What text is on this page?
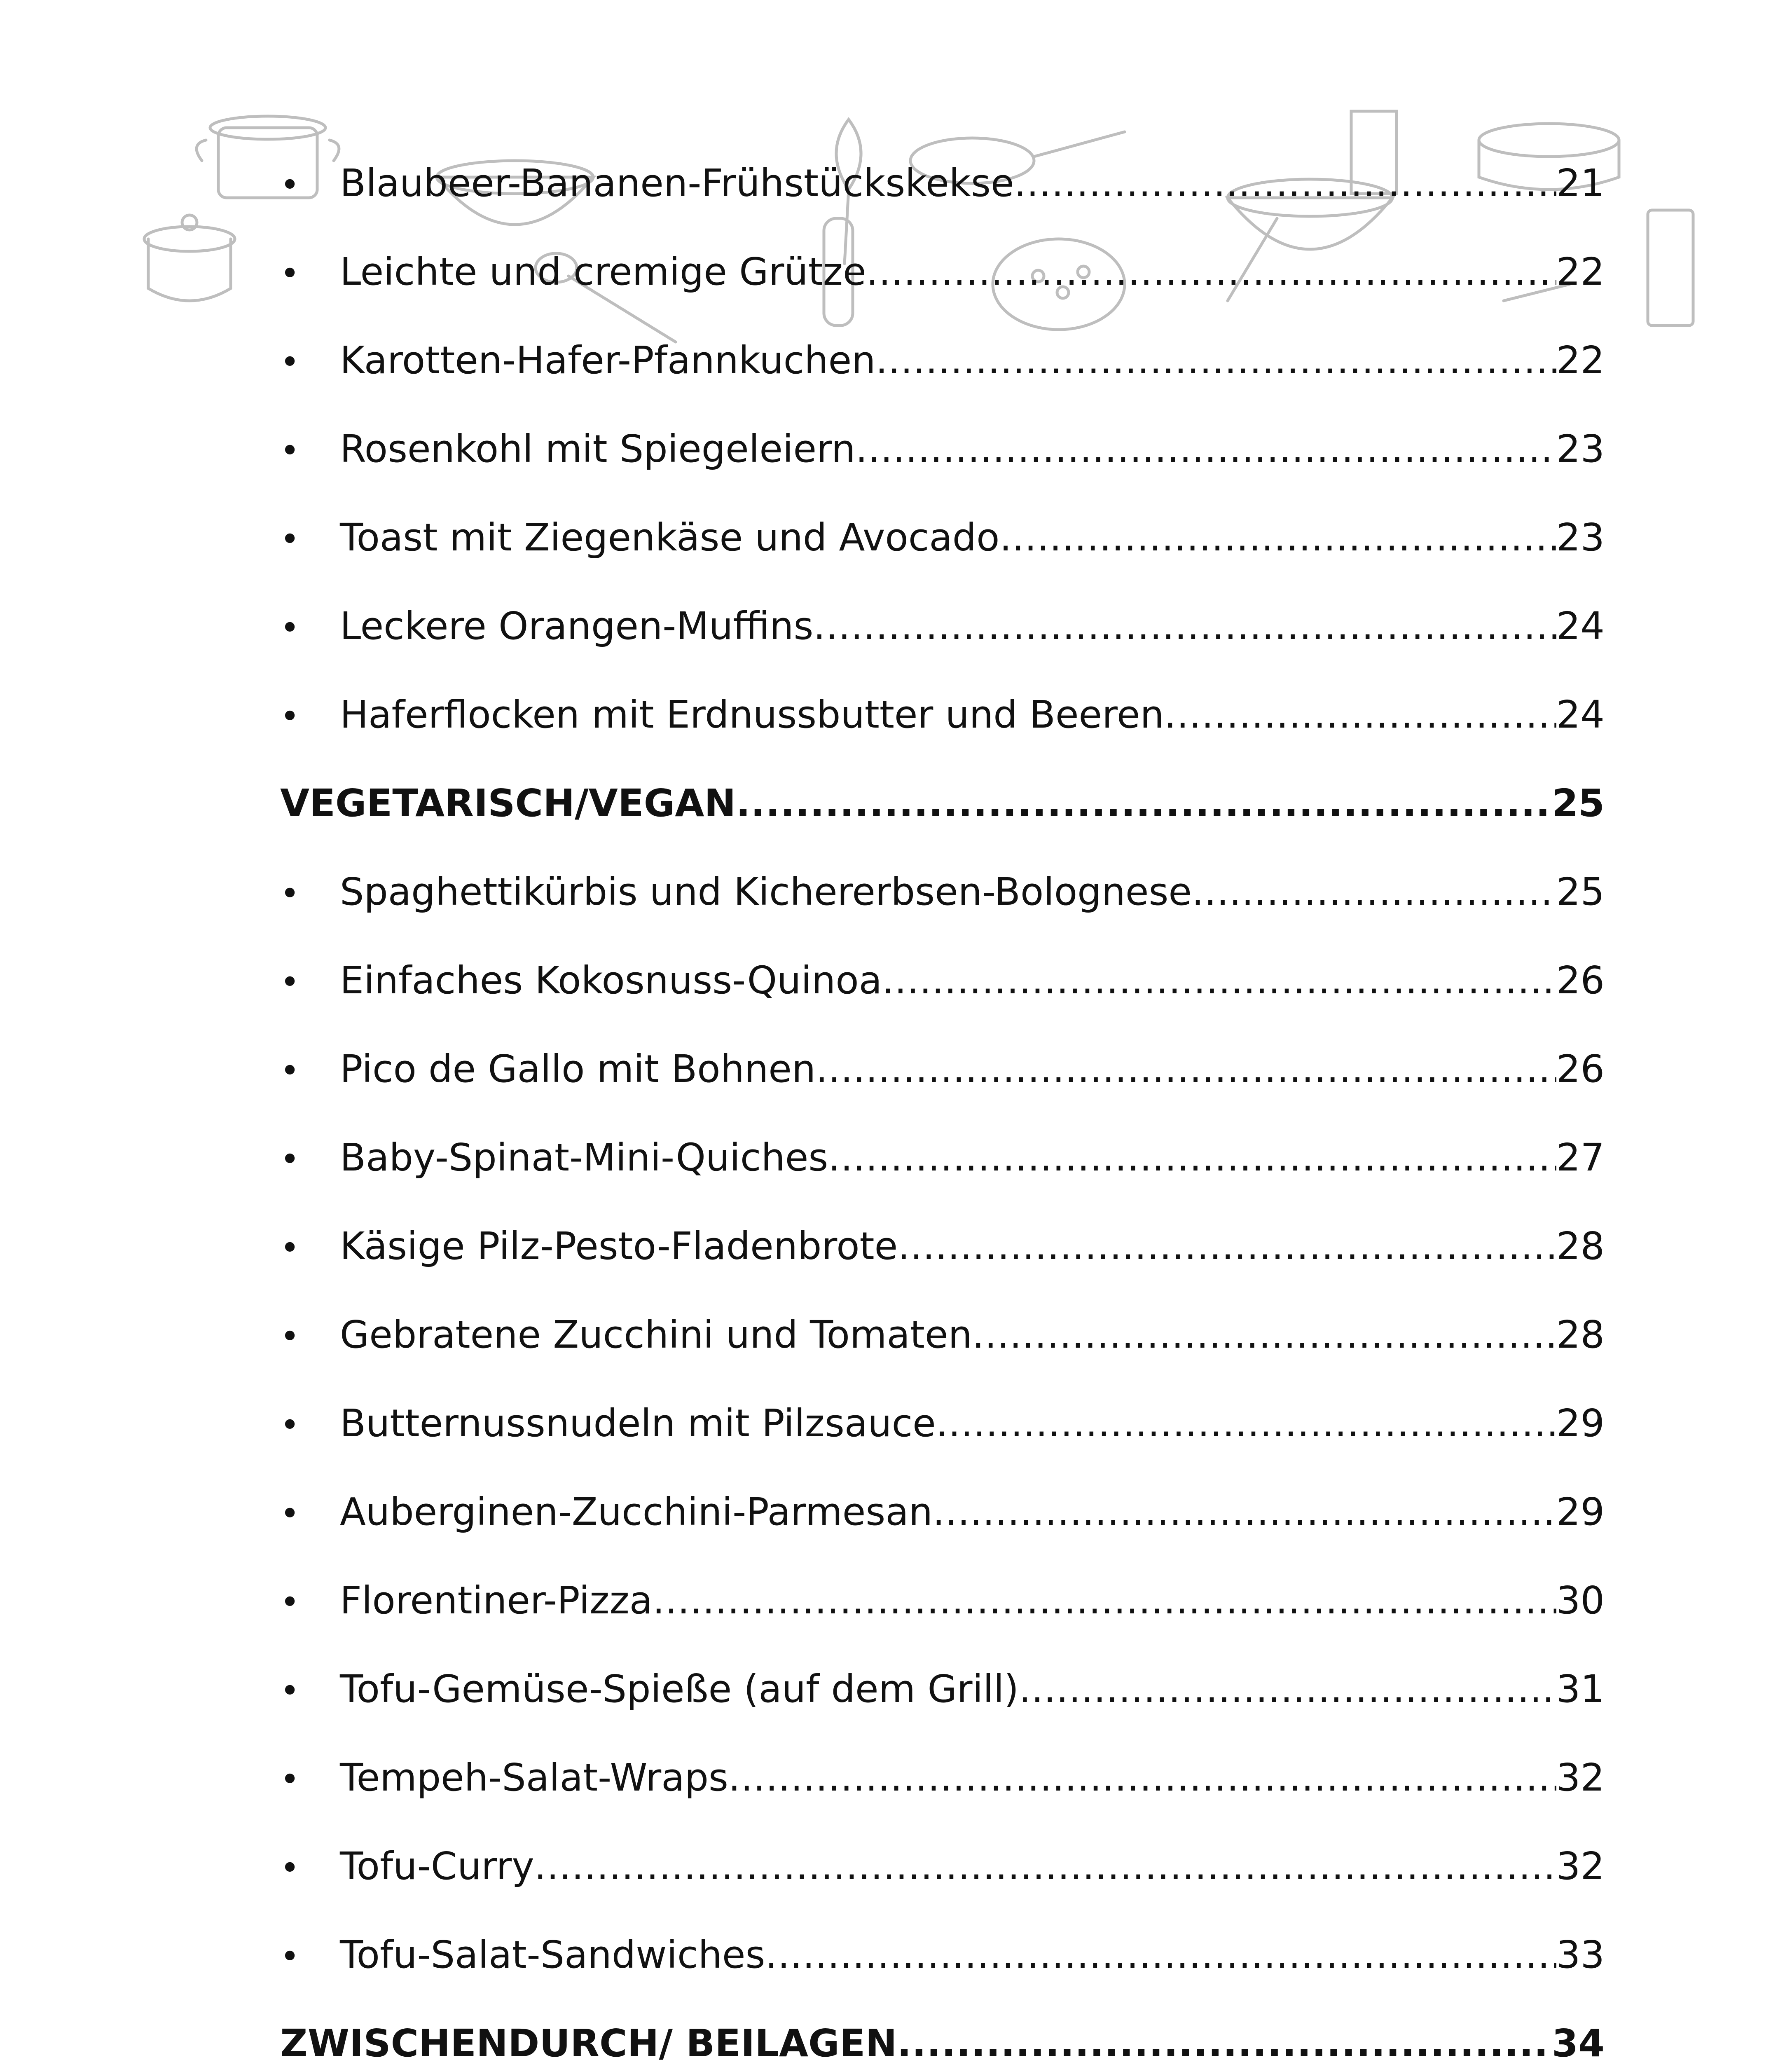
•	Blaubeer-Bananen-Frühstückskekse .....	21
•	Leichte und cremige Grütze .....	22
•	Karotten-Hafer-Pfannkuchen .....	22
•	Rosenkohl mit Spiegeleiern .....	23
•	Toast mit Ziegenkäse und Avocado .....	23
•	Leckere Orangen-Muffins .....	24
•	Haferflocken mit Erdnussbutter und Beeren .....	24
VEGETARISCH/VEGAN .....	25
•	Spaghettikürbis und Kichererbsen-Bolognese .....	25
•	Einfaches Kokosnuss-Quinoa .....	26
•	Pico de Gallo mit Bohnen .....	26
•	Baby-Spinat-Mini-Quiches .....	27
•	Käsige Pilz-Pesto-Fladenbrote .....	28
•	Gebratene Zucchini und Tomaten .....	28
•	Butternussnudeln mit Pilzsauce .....	29
•	Auberginen-Zucchini-Parmesan .....	29
•	Florentiner-Pizza .....	30
•	Tofu-Gemüse-Spieße (auf dem Grill) .....	31
•	Tempeh-Salat-Wraps .....	32
•	Tofu-Curry .....	32
•	Tofu-Salat-Sandwiches .....	33
ZWISCHENDURCH/ BEILAGEN .....	34
